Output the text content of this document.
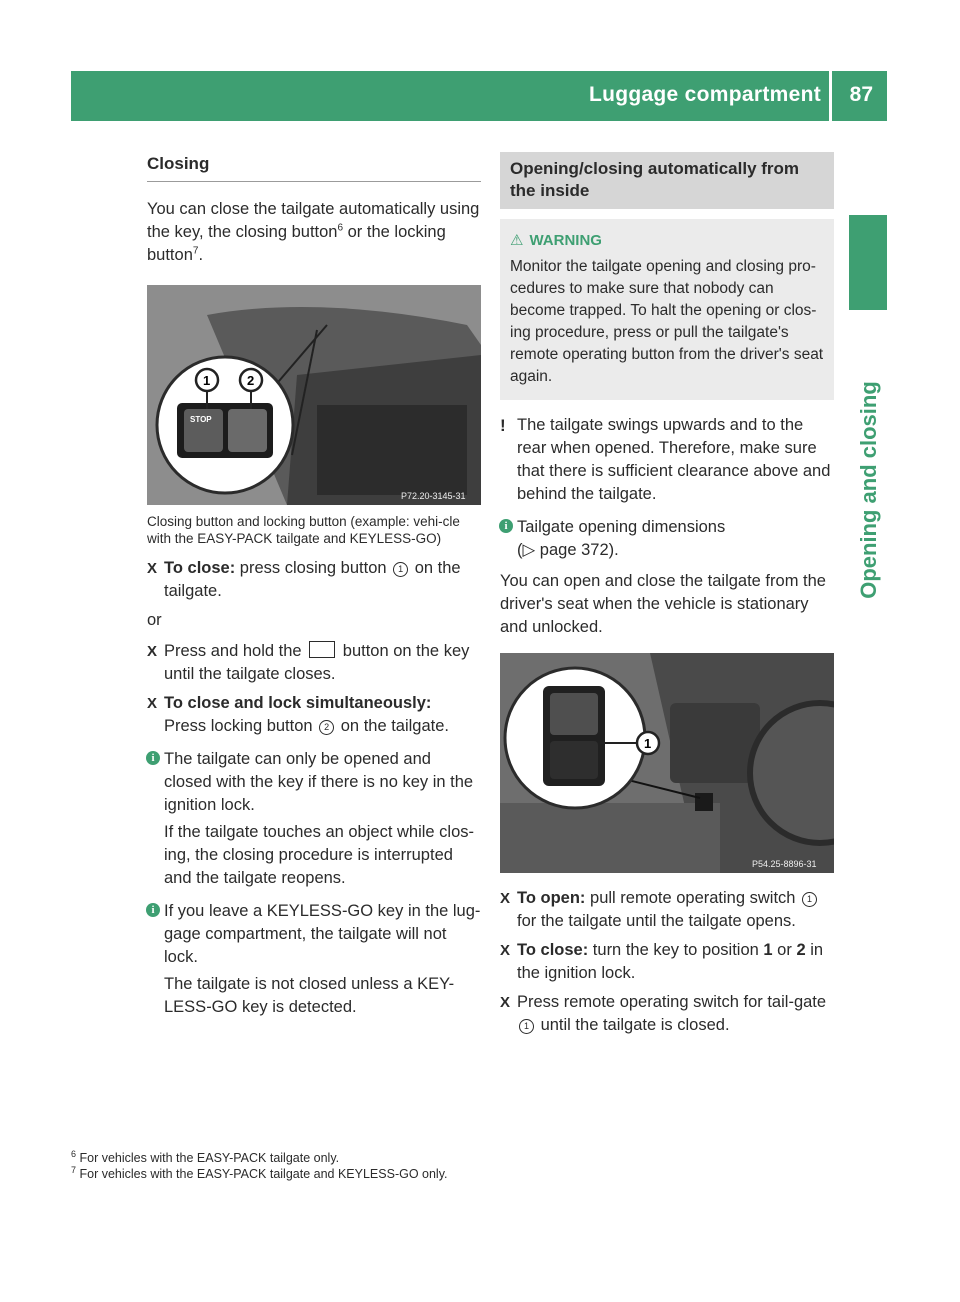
Luggage compartment 87
Opening and closing
Closing

You can close the tailgate automatically using the key, the closing button$^6$ or the locking button$^7$.

STOP
1	2
P72.20-3145-31
Closing button and locking button (example: vehi-cle with the EASY-PACK tailgate and KEYLESS-GO)
X To close: press closing button 1 on the tailgate.

or

X Press and hold the  button on the key until the tailgate closes.
X To close and lock simultaneously:
Press locking button 2 on the tailgate.
i The tailgate can only be opened and closed with the key if there is no key in the ignition lock.

If the tailgate touches an object while clos-ing, the closing procedure is interrupted and the tailgate reopens.

i If you leave a KEYLESS-GO key in the lug-gage compartment, the tailgate will not lock.

The tailgate is not closed unless a KEY-LESS-GO key is detected.

Opening/closing automatically from the inside
⚠ WARNING

Monitor the tailgate opening and closing pro-cedures to make sure that nobody can become trapped. To halt the opening or clos-ing procedure, press or pull the tailgate's remote operating button from the driver's seat again.

! The tailgate swings upwards and to the rear when opened. Therefore, make sure that there is sufficient clearance above and behind the tailgate.
i Tailgate opening dimensions
(▷ page 372).

You can open and close the tailgate from the driver's seat when the vehicle is stationary and unlocked.

1
P54.25-8896-31
X To open: pull remote operating switch 1 for the tailgate until the tailgate opens.
X To close: turn the key to position 1 or 2 in the ignition lock.
X Press remote operating switch for tail-gate 1 until the tailgate is closed.
$^6$ For vehicles with the EASY-PACK tailgate only.
$^7$ For vehicles with the EASY-PACK tailgate and KEYLESS-GO only.
